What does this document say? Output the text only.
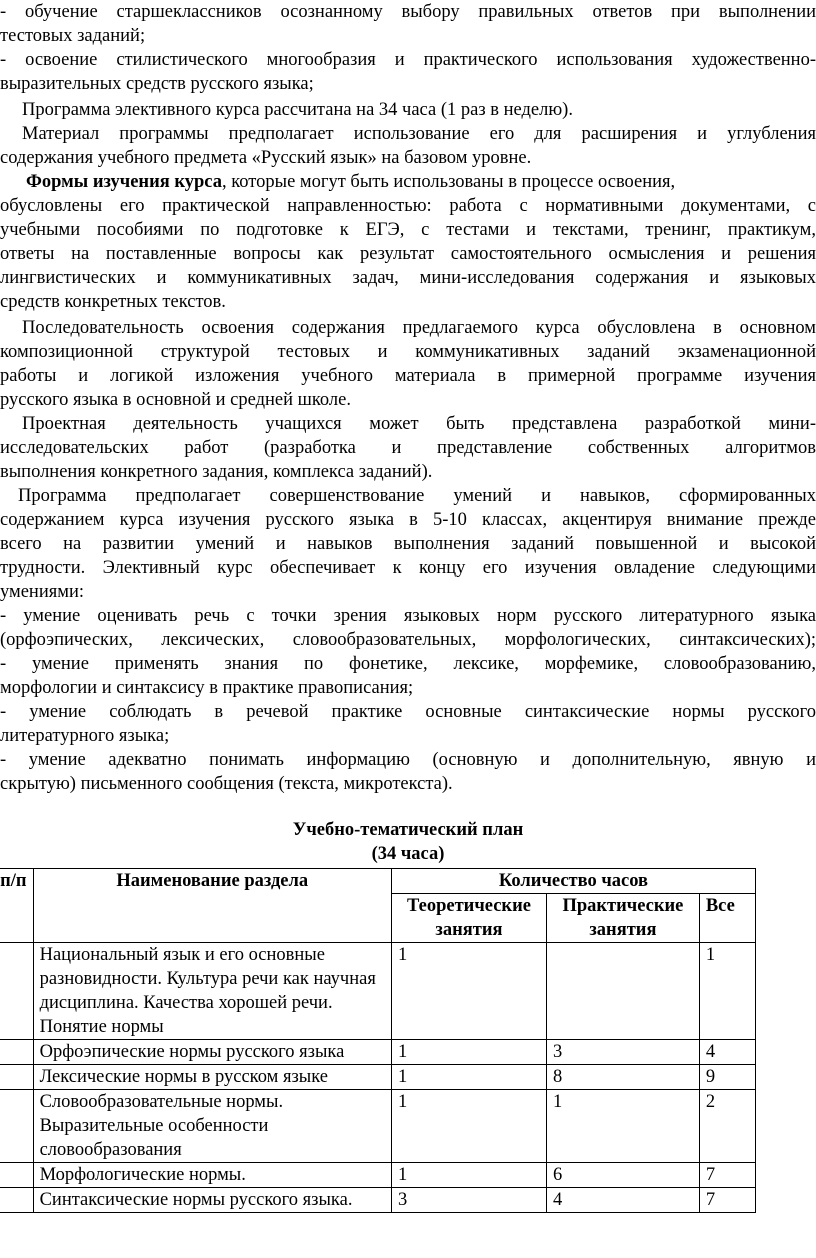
- обучение старшеклассников осознанному выбору правильных ответов при выполнении
тестовых заданий;
- освоение стилистического многообразия и практического использования художественно-
выразительных средств русского языка;
Программа элективного курса рассчитана на 34 часа (1 раз в неделю).
Материал программы предполагает использование его для расширения и углубления
содержания учебного предмета «Русский язык» на базовом уровне.
Формы изучения курса, которые могут быть использованы в процессе освоения,
обусловлены его практической направленностью: работа с нормативными документами, с
учебными пособиями по подготовке к ЕГЭ, с тестами и текстами, тренинг, практикум,
ответы на поставленные вопросы как результат самостоятельного осмысления и решения
лингвистических и коммуникативных задач, мини-исследования содержания и языковых
средств конкретных текстов.
Последовательность освоения содержания предлагаемого курса обусловлена в основном
композиционной структурой тестовых и коммуникативных заданий экзаменационной
работы и логикой изложения учебного материала в примерной программе изучения
русского языка в основной и средней школе.
Проектная деятельность учащихся может быть представлена разработкой мини-
исследовательских работ (разработка и представление собственных алгоритмов
выполнения конкретного задания, комплекса заданий).
Программа предполагает совершенствование умений и навыков, сформированных
содержанием курса изучения русского языка в 5-10 классах, акцентируя внимание прежде
всего на развитии умений и навыков выполнения заданий повышенной и высокой
трудности. Элективный курс обеспечивает к концу его изучения овладение следующими
умениями:
- умение оценивать речь с точки зрения языковых норм русского литературного языка
(орфоэпических, лексических, словообразовательных, морфологических, синтаксических);
- умение применять знания по фонетике, лексике, морфемике, словообразованию,
морфологии и синтаксису в практике правописания;
- умение соблюдать в речевой практике основные синтаксические нормы русского
литературного языка;
- умение адекватно понимать информацию (основную и дополнительную, явную и
скрытую) письменного сообщения (текста, микротекста).
Учебно-тематический план
(34 часа)
п/п	Наименование раздела	Количество часов		
		Теоретические занятия	Практические занятия	Все
	Национальный язык и его основные разновидности. Культура речи как научная дисциплина. Качества хорошей речи. Понятие нормы	1		1
	Орфоэпические нормы русского языка	1	3	4
	Лексические нормы в русском языке	1	8	9
	Словообразовательные нормы. Выразительные особенности словообразования	1	1	2
	Морфологические нормы.	1	6	7
	Синтаксические нормы русского языка.	3	4	7
